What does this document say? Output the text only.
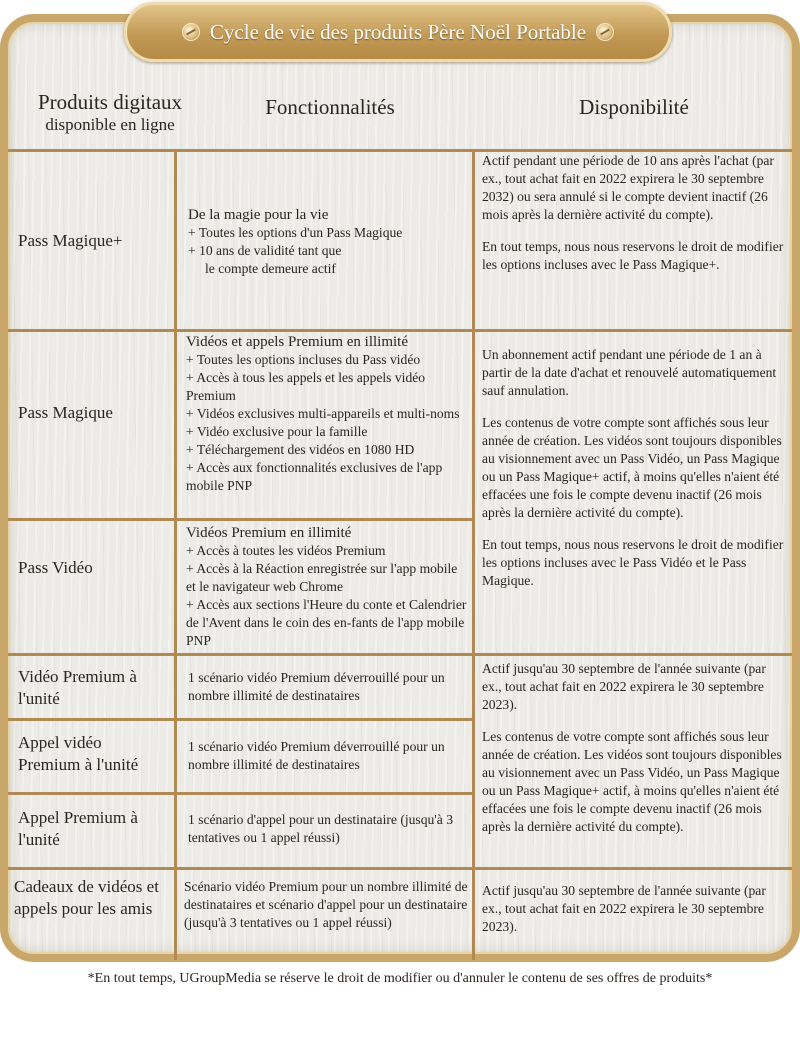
Cycle de vie des produits Père Noël Portable
Produits digitaux
disponible en ligne
Fonctionnalités	Disponibilité
Pass Magique+
De la magie pour la vie
+ Toutes les options d'un Pass Magique
+ 10 ans de validité tant que
le compte demeure actif
Actif pendant une période de 10 ans après l'achat (par ex., tout achat fait en 2022 expirera le 30 septembre 2032) ou sera annulé si le compte devient inactif (26 mois après la dernière activité du compte).
En tout temps, nous nous reservons le droit de modifier les options incluses avec le Pass Magique+.
Pass Magique
Vidéos et appels Premium en illimité
+ Toutes les options incluses du Pass vidéo
+ Accès à tous les appels et les appels vidéo Premium
+ Vidéos exclusives multi-appareils et multi-noms
+ Vidéo exclusive pour la famille
+ Téléchargement des vidéos en 1080 HD
+ Accès aux fonctionnalités exclusives de l'app mobile PNP
Un abonnement actif pendant une période de 1 an à partir de la date d'achat et renouvelé automatiquement sauf annulation.
Les contenus de votre compte sont affichés sous leur année de création. Les vidéos sont toujours disponibles au visionnement avec un Pass Vidéo, un Pass Magique ou un Pass Magique+ actif, à moins qu'elles n'aient été effacées une fois le compte devenu inactif (26 mois après la dernière activité du compte).
En tout temps, nous nous reservons le droit de modifier les options incluses avec le Pass Vidéo et le Pass Magique.
Pass Vidéo
Vidéos Premium en illimité
+ Accès à toutes les vidéos Premium
+ Accès à la Réaction enregistrée sur l'app mobile et le navigateur web Chrome
+ Accès aux sections l'Heure du conte et Calendrier de l'Avent dans le coin des en-fants de l'app mobile PNP
Vidéo Premium à l'unité
1 scénario vidéo Premium déverrouillé pour un nombre illimité de destinataires
Actif jusqu'au 30 septembre de l'année suivante (par ex., tout achat fait en 2022 expirera le 30 septembre 2023).
Les contenus de votre compte sont affichés sous leur année de création. Les vidéos sont toujours disponibles au visionnement avec un Pass Vidéo, un Pass Magique ou un Pass Magique+ actif, à moins qu'elles n'aient été effacées une fois le compte devenu inactif (26 mois après la dernière activité du compte).
Appel vidéo Premium à l'unité
1 scénario vidéo Premium déverrouillé pour un nombre illimité de destinataires
Appel Premium à l'unité
1 scénario d'appel pour un destinataire (jusqu'à 3 tentatives ou 1 appel réussi)
Cadeaux de vidéos et appels pour les amis
Scénario vidéo Premium pour un nombre illimité de destinataires et scénario d'appel pour un destinataire (jusqu'à 3 tentatives ou 1 appel réussi)
Actif jusqu'au 30 septembre de l'année suivante (par ex., tout achat fait en 2022 expirera le 30 septembre 2023).
*En tout temps, UGroupMedia se réserve le droit de modifier ou d'annuler le contenu de ses offres de produits*
